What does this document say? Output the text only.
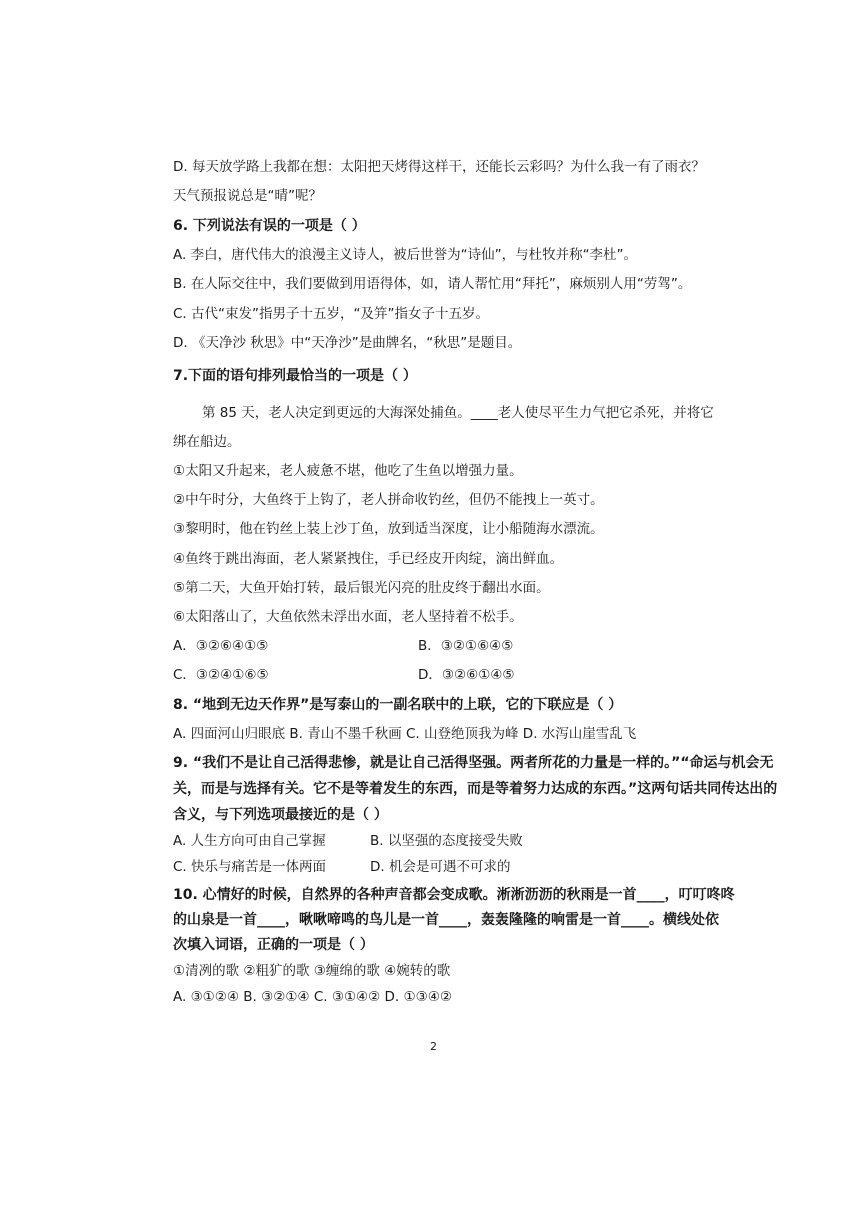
D. 每天放学路上我都在想：太阳把天烤得这样干，还能长云彩吗？为什么我一有了雨衣？
天气预报说总是“晴”呢？
6. 下列说法有误的一项是（ ）
A. 李白，唐代伟大的浪漫主义诗人，被后世誉为“诗仙”，与杜牧并称“李杜”。
B. 在人际交往中，我们要做到用语得体，如，请人帮忙用“拜托”，麻烦别人用“劳驾”。
C. 古代“束发”指男子十五岁，“及笄”指女子十五岁。
D. 《天净沙 秋思》中“天净沙”是曲牌名，“秋思”是题目。
7.下面的语句排列最恰当的一项是（ ）
第 85 天，老人决定到更远的大海深处捕鱼。____老人使尽平生力气把它杀死，并将它
绑在船边。
①太阳又升起来，老人疲惫不堪，他吃了生鱼以增强力量。
②中午时分，大鱼终于上钩了，老人拼命收钓丝，但仍不能拽上一英寸。
③黎明时，他在钓丝上装上沙丁鱼，放到适当深度，让小船随海水漂流。
④鱼终于跳出海面，老人紧紧拽住，手已经皮开肉绽，滴出鲜血。
⑤第二天，大鱼开始打转，最后银光闪亮的肚皮终于翻出水面。
⑥太阳落山了，大鱼依然未浮出水面，老人坚持着不松手。
A．③②⑥④①⑤	B．③②①⑥④⑤
C．③②④①⑥⑤	D．③②⑥①④⑤
8. “地到无边天作界”是写泰山的一副名联中的上联，它的下联应是（ ）
A. 四面河山归眼底 B. 青山不墨千秋画 C. 山登绝顶我为峰 D. 水泻山崖雪乱飞
9. “我们不是让自己活得悲惨，就是让自己活得坚强。两者所花的力量是一样的。”“命运与机会无
关，而是与选择有关。它不是等着发生的东西，而是等着努力达成的东西。”这两句话共同传达出的
含义，与下列选项最接近的是（ ）
A. 人生方向可由自己掌握	B. 以坚强的态度接受失败
C. 快乐与痛苦是一体两面	D. 机会是可遇不可求的
10. 心情好的时候，自然界的各种声音都会变成歌。淅淅沥沥的秋雨是一首____，叮叮咚咚
的山泉是一首____，啾啾啼鸣的鸟儿是一首____，轰轰隆隆的响雷是一首____。横线处依
次填入词语，正确的一项是（ ）
①清冽的歌 ②粗犷的歌 ③缠绵的歌 ④婉转的歌
A. ③①②④ B. ③②①④ C. ③①④② D. ①③④②
2
